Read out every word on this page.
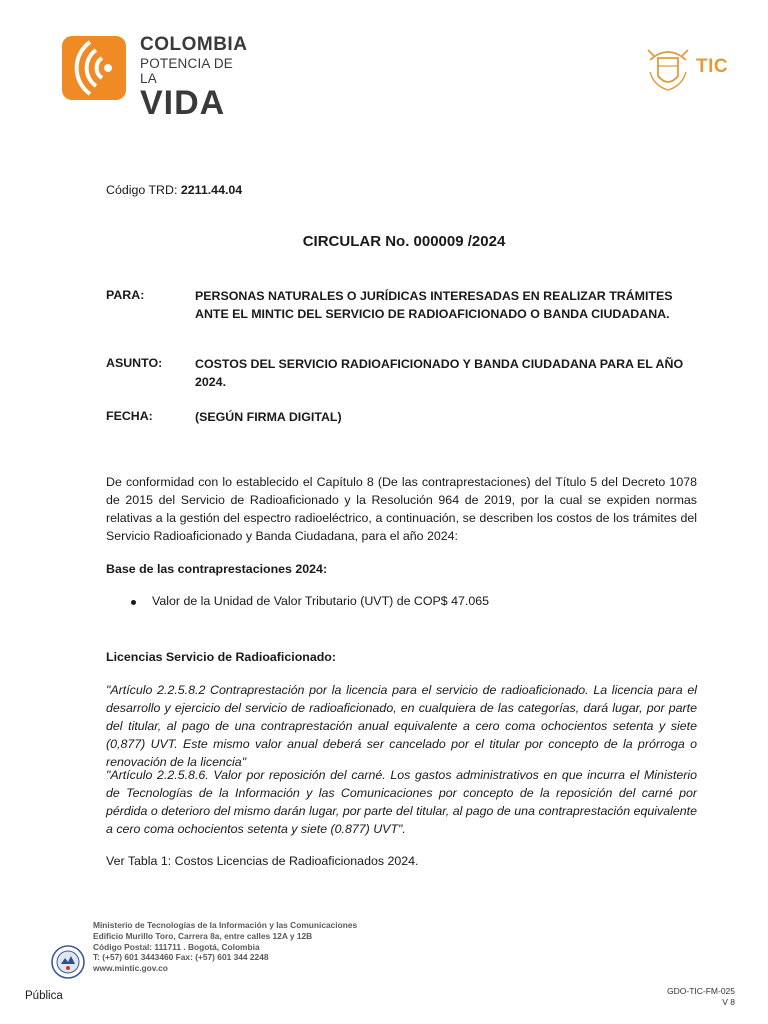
COLOMBIA
POTENCIA DE LA
VIDA
TIC
Código TRD: 2211.44.04
CIRCULAR No. 000009 /2024
PARA:	PERSONAS NATURALES O JURÍDICAS INTERESADAS EN REALIZAR TRÁMITES ANTE EL MINTIC DEL SERVICIO DE RADIOAFICIONADO O BANDA CIUDADANA.
ASUNTO:	COSTOS DEL SERVICIO RADIOAFICIONADO Y BANDA CIUDADANA PARA EL AÑO 2024.
FECHA:	(SEGÚN FIRMA DIGITAL)
De conformidad con lo establecido el Capítulo 8 (De las contraprestaciones) del Título 5 del Decreto 1078 de 2015 del Servicio de Radioaficionado y la Resolución 964 de 2019, por la cual se expiden normas relativas a la gestión del espectro radioeléctrico, a continuación, se describen los costos de los trámites del Servicio Radioaficionado y Banda Ciudadana, para el año 2024:
Base de las contraprestaciones 2024:
Valor de la Unidad de Valor Tributario (UVT) de COP$ 47.065
Licencias Servicio de Radioaficionado:
"Artículo 2.2.5.8.2 Contraprestación por la licencia para el servicio de radioaficionado. La licencia para el desarrollo y ejercicio del servicio de radioaficionado, en cualquiera de las categorías, dará lugar, por parte del titular, al pago de una contraprestación anual equivalente a cero coma ochocientos setenta y siete (0,877) UVT. Este mismo valor anual deberá ser cancelado por el titular por concepto de la prórroga o renovación de la licencia"
"Artículo 2.2.5.8.6. Valor por reposición del carné. Los gastos administrativos en que incurra el Ministerio de Tecnologías de la Información y las Comunicaciones por concepto de la reposición del carné por pérdida o deterioro del mismo darán lugar, por parte del titular, al pago de una contraprestación equivalente a cero coma ochocientos setenta y siete (0.877) UVT".
Ver Tabla 1: Costos Licencias de Radioaficionados 2024.
Ministerio de Tecnologías de la Información y las Comunicaciones
Edificio Murillo Toro, Carrera 8a, entre calles 12A y 12B
Código Postal: 111711 . Bogotá, Colombia
T: (+57) 601 3443460 Fax: (+57) 601 344 2248
www.mintic.gov.co
Pública	GDO-TIC-FM-025
V 8
